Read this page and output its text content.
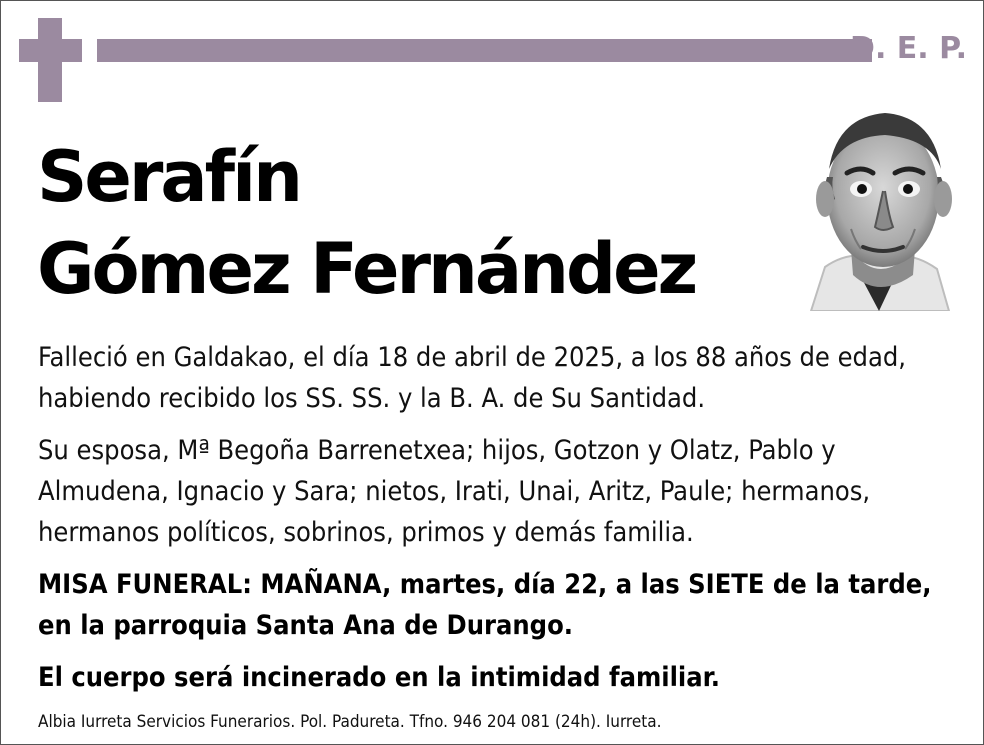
D. E. P.
Serafín
Gómez Fernández

Falleció en Galdakao, el día 18 de abril de 2025, a los 88 años de edad, habiendo recibido los SS. SS. y la B. A. de Su Santidad.

Su esposa, Mª Begoña Barrenetxea; hijos, Gotzon y Olatz, Pablo y Almudena, Ignacio y Sara; nietos, Irati, Unai, Aritz, Paule; hermanos, hermanos políticos, sobrinos, primos y demás familia.

MISA FUNERAL: MAÑANA, martes, día 22, a las SIETE de la tarde, en la parroquia Santa Ana de Durango.

El cuerpo será incinerado en la intimidad familiar.

Albia Iurreta Servicios Funerarios. Pol. Padureta. Tfno. 946 204 081 (24h). Iurreta.
